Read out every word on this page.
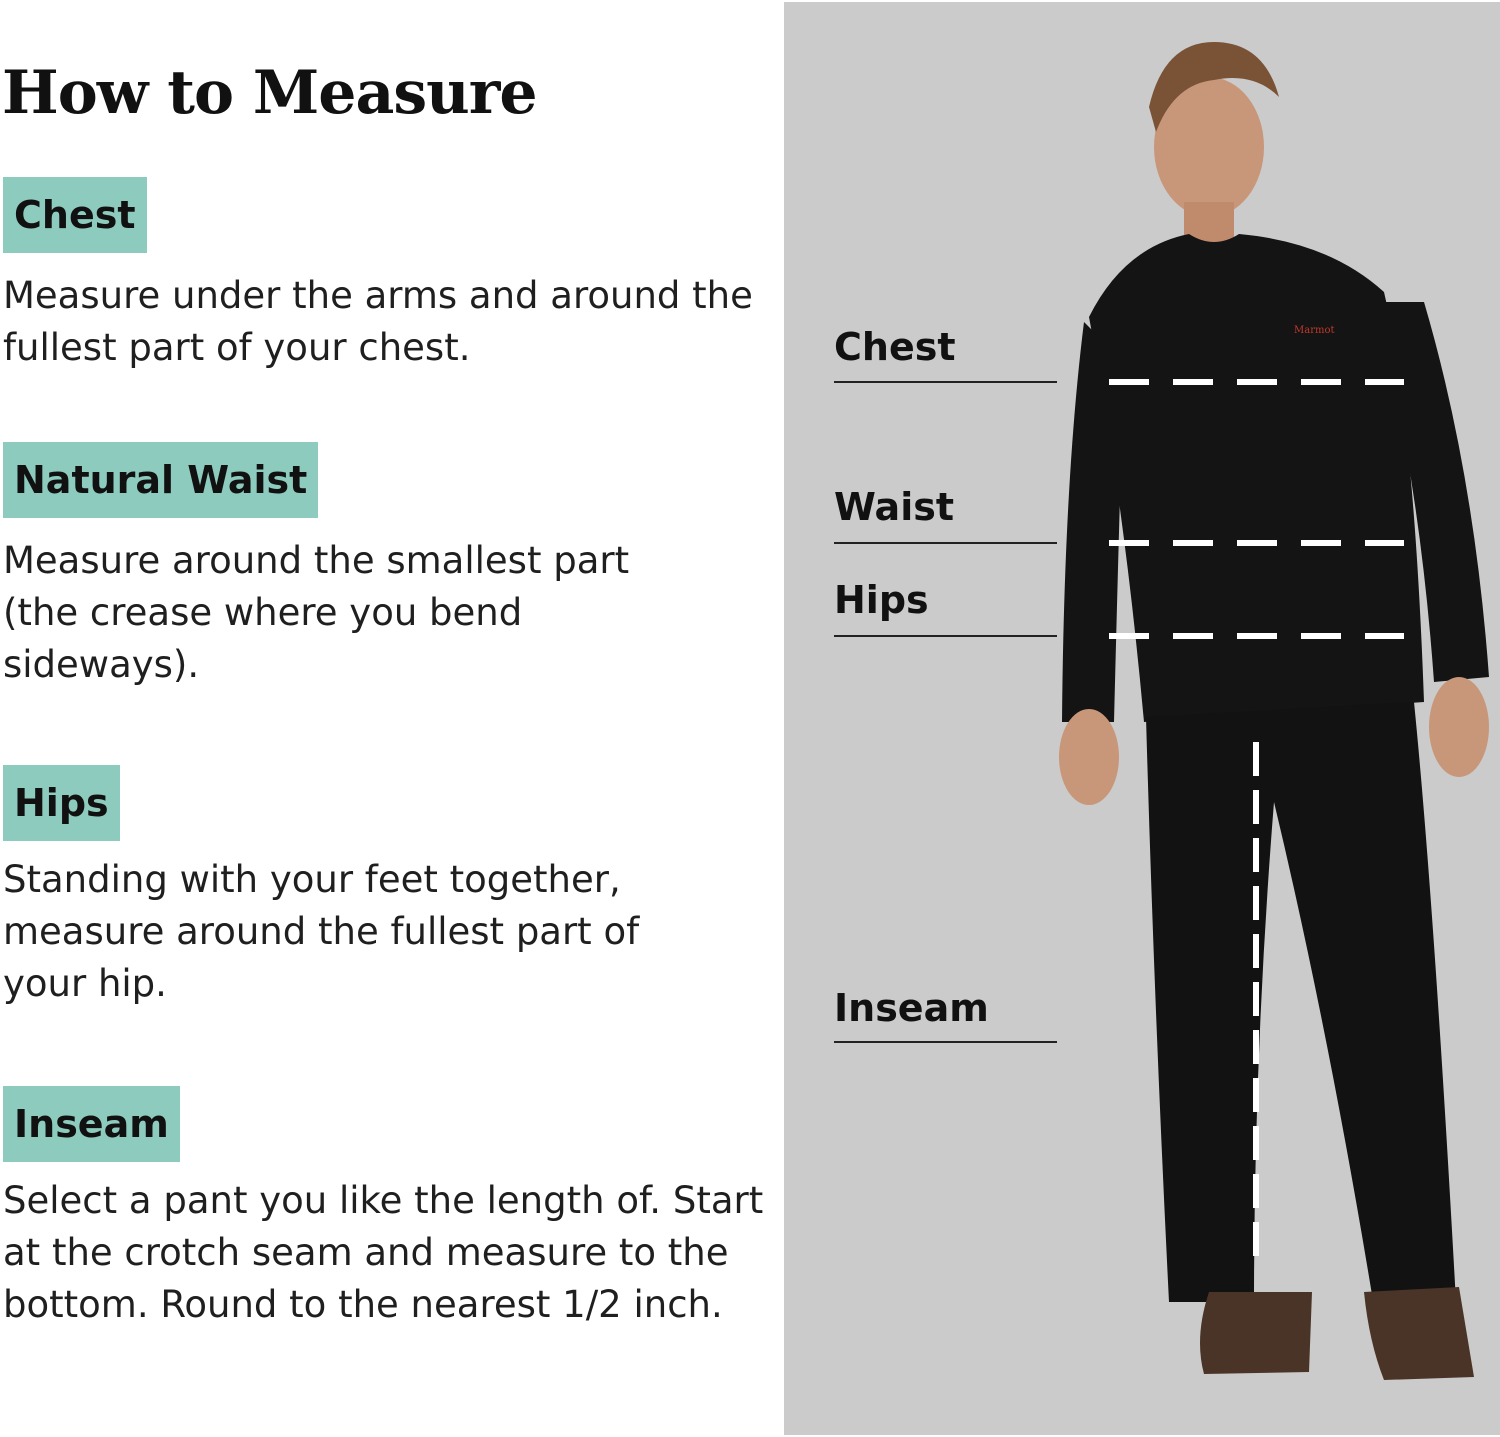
How to Measure
Chest

Measure under the arms and around the fullest part of your chest.

Natural Waist

Measure around the smallest part (the crease where you bend sideways).

Hips

Standing with your feet together, measure around the fullest part of your hip.

Inseam

Select a pant you like the length of. Start at the crotch seam and measure to the bottom. Round to the nearest 1/2 inch.

Marmot
Chest
Waist
Hips
Inseam
